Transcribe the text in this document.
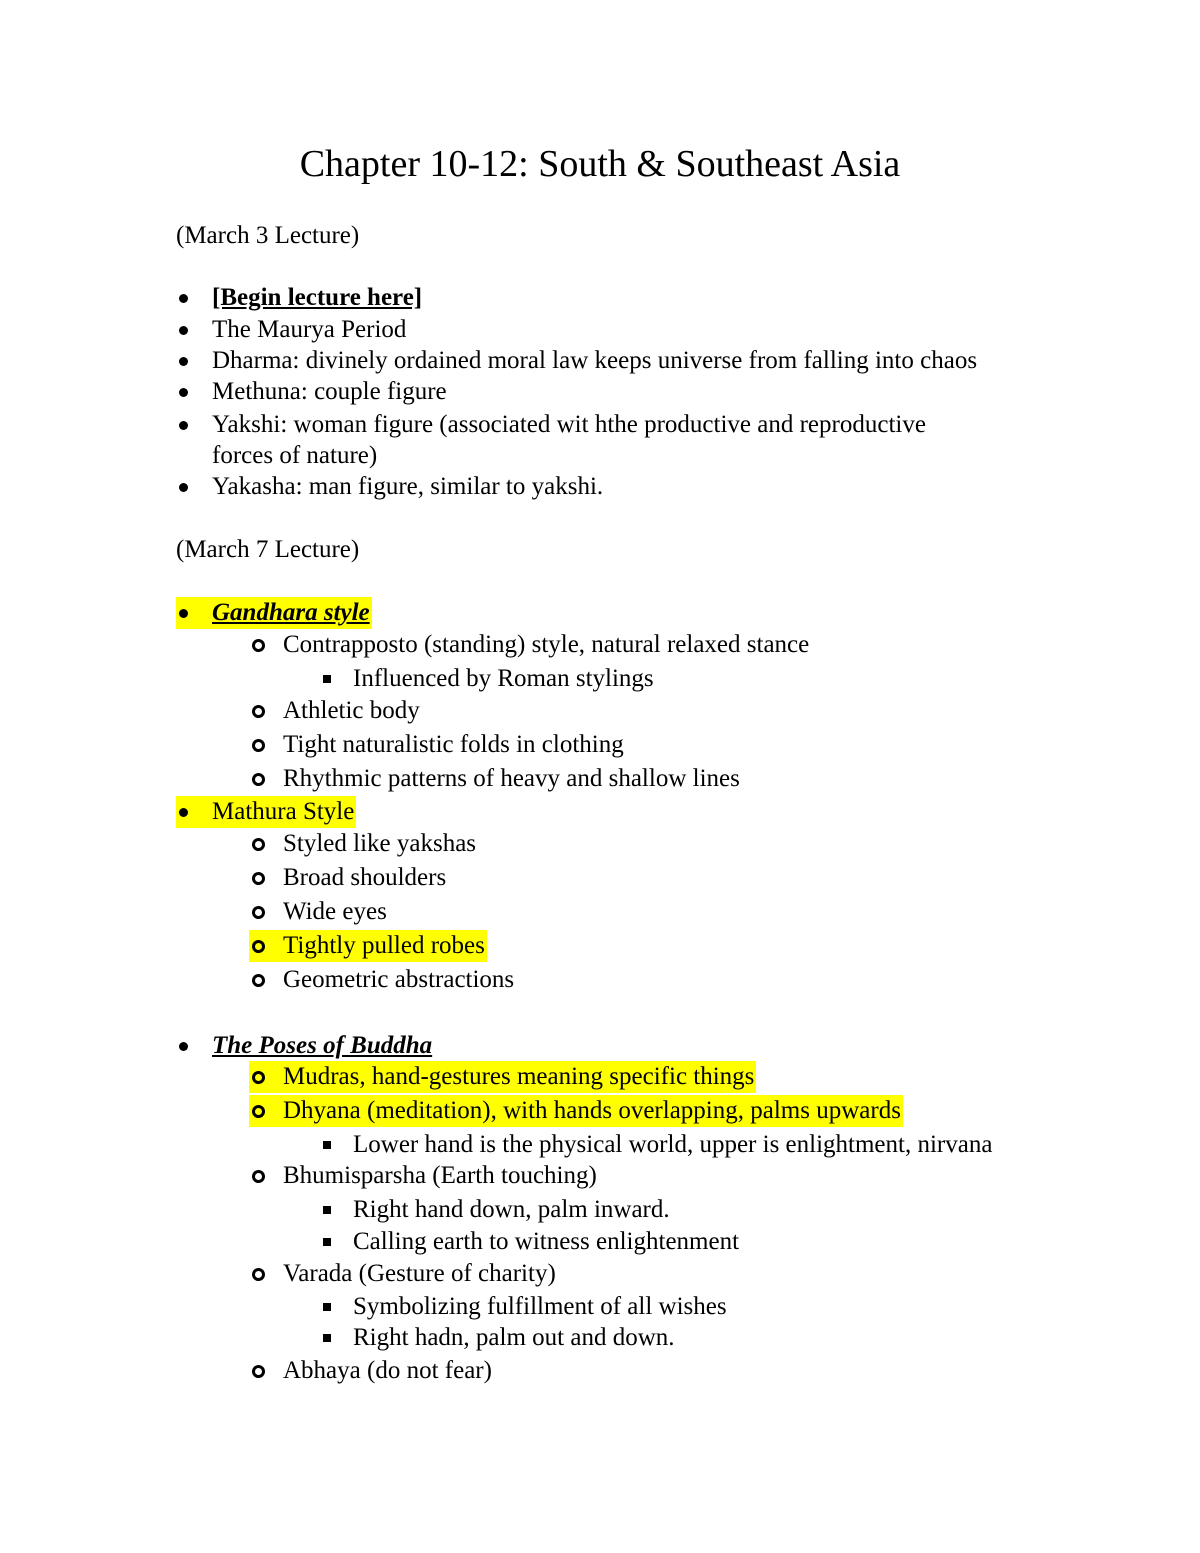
Chapter 10-12: South & Southeast Asia
(March 3 Lecture)
[Begin lecture here]
The Maurya Period
Dharma: divinely ordained moral law keeps universe from falling into chaos
Methuna: couple figure
Yakshi: woman figure (associated wit hthe productive and reproductive
forces of nature)
Yakasha: man figure, similar to yakshi.
(March 7 Lecture)
Gandhara style
Contrapposto (standing) style, natural relaxed stance
Influenced by Roman stylings
Athletic body
Tight naturalistic folds in clothing
Rhythmic patterns of heavy and shallow lines
Mathura Style
Styled like yakshas
Broad shoulders
Wide eyes
Tightly pulled robes
Geometric abstractions
The Poses of Buddha
Mudras, hand-gestures meaning specific things
Dhyana (meditation), with hands overlapping, palms upwards
Lower hand is the physical world, upper is enlightment, nirvana
Bhumisparsha (Earth touching)
Right hand down, palm inward.
Calling earth to witness enlightenment
Varada (Gesture of charity)
Symbolizing fulfillment of all wishes
Right hadn, palm out and down.
Abhaya (do not fear)
